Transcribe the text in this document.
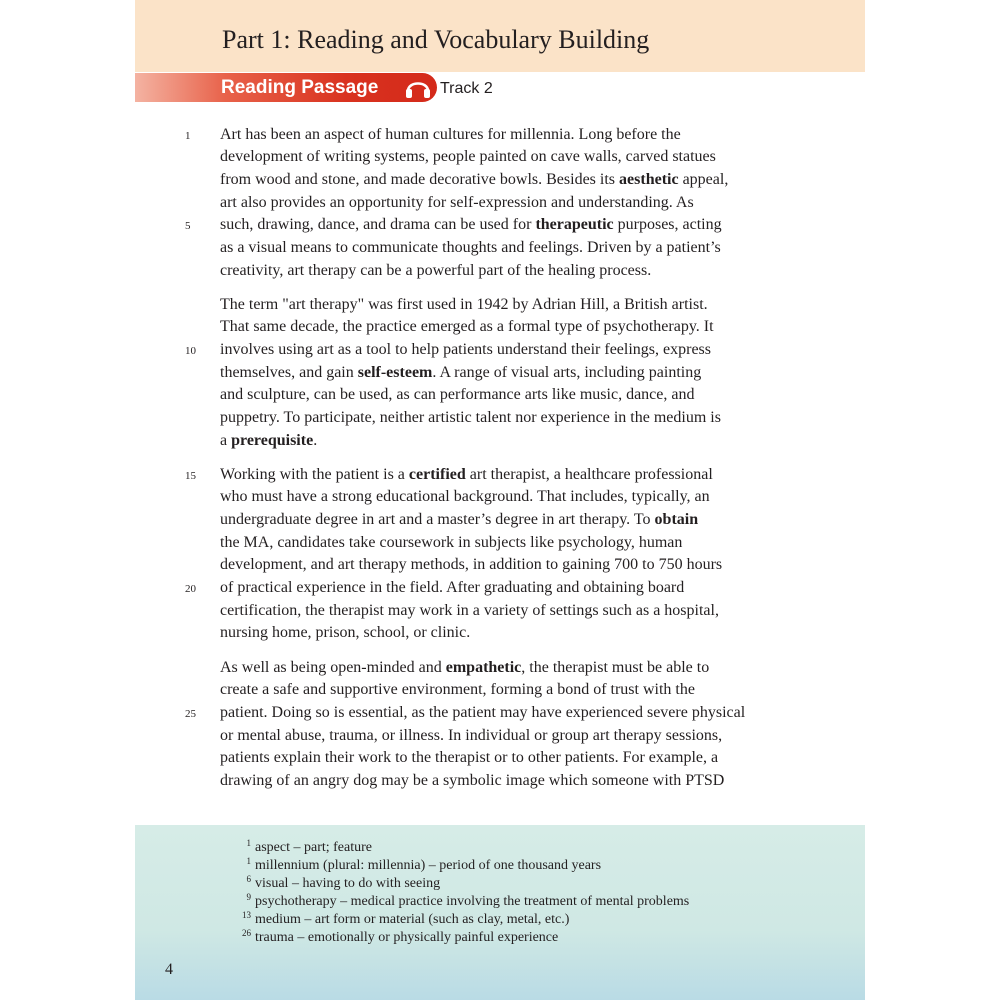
Part 1: Reading and Vocabulary Building
Reading Passage	Track 2
Art has been an aspect of human cultures for millennia. Long before the
development of writing systems, people painted on cave walls, carved statues
from wood and stone, and made decorative bowls. Besides its aesthetic appeal,
art also provides an opportunity for self-expression and understanding. As
such, drawing, dance, and drama can be used for therapeutic purposes, acting
as a visual means to communicate thoughts and feelings. Driven by a patient’s
creativity, art therapy can be a powerful part of the healing process.
The term "art therapy" was first used in 1942 by Adrian Hill, a British artist.
That same decade, the practice emerged as a formal type of psychotherapy. It
involves using art as a tool to help patients understand their feelings, express
themselves, and gain self-esteem. A range of visual arts, including painting
and sculpture, can be used, as can performance arts like music, dance, and
puppetry. To participate, neither artistic talent nor experience in the medium is
a prerequisite.
Working with the patient is a certified art therapist, a healthcare professional
who must have a strong educational background. That includes, typically, an
undergraduate degree in art and a master’s degree in art therapy. To obtain
the MA, candidates take coursework in subjects like psychology, human
development, and art therapy methods, in addition to gaining 700 to 750 hours
of practical experience in the field. After graduating and obtaining board
certification, the therapist may work in a variety of settings such as a hospital,
nursing home, prison, school, or clinic.
As well as being open-minded and empathetic, the therapist must be able to
create a safe and supportive environment, forming a bond of trust with the
patient. Doing so is essential, as the patient may have experienced severe physical
or mental abuse, trauma, or illness. In individual or group art therapy sessions,
patients explain their work to the therapist or to other patients. For example, a
drawing of an angry dog may be a symbolic image which someone with PTSD
1
5
10
15
20
25
1 aspect – part; feature
1 millennium (plural: millennia) – period of one thousand years
6 visual – having to do with seeing
9 psychotherapy – medical practice involving the treatment of mental problems
13 medium – art form or material (such as clay, metal, etc.)
26 trauma – emotionally or physically painful experience
4
